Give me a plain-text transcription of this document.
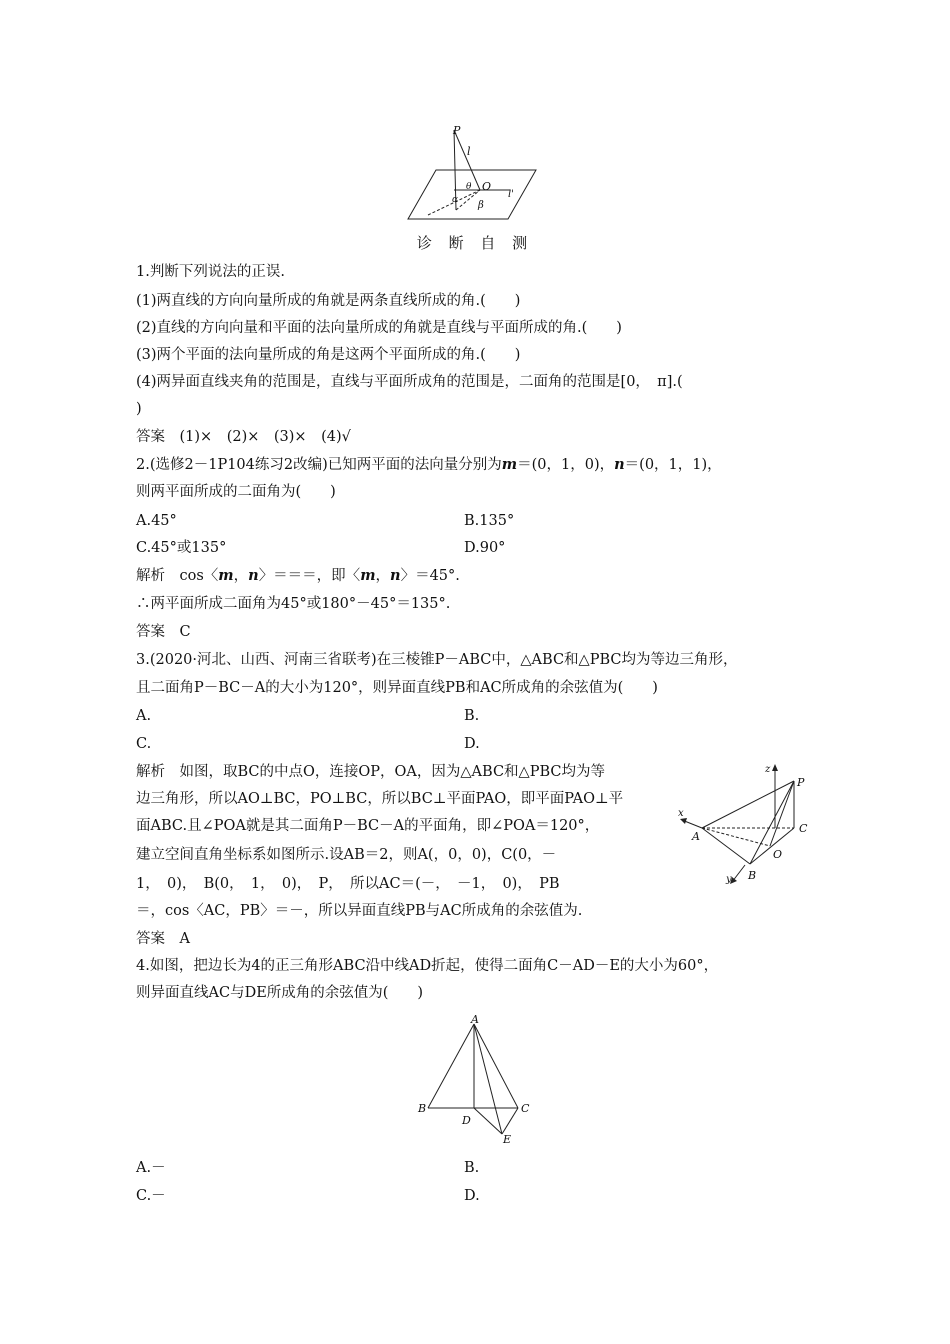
P
l
O
l'
θ
α β
诊 断 自 测
1.判断下列说法的正误.
(1)两直线的方向向量所成的角就是两条直线所成的角.(　　)
(2)直线的方向向量和平面的法向量所成的角就是直线与平面所成的角.(　　)
(3)两个平面的法向量所成的角是这两个平面所成的角.(　　)
(4)两异面直线夹角的范围是，直线与平面所成角的范围是，二面角的范围是[0，　π].(
)
答案　(1)×　(2)×　(3)×　(4)√
2.(选修2－1P104练习2改编)已知两平面的法向量分别为m＝(0，1，0)，n＝(0，1，1)，
则两平面所成的二面角为(　　)
A.45°	B.135°
C.45°或135°	D.90°
解析　cos〈m，n〉＝＝＝，即〈m，n〉＝45°.
∴两平面所成二面角为45°或180°－45°＝135°.
答案　C
3.(2020·河北、山西、河南三省联考)在三棱锥P－ABC中，△ABC和△PBC均为等边三角形，
且二面角P－BC－A的大小为120°，则异面直线PB和AC所成角的余弦值为(　　)
A.	B.
C.	D.
解析　如图，取BC的中点O，连接OP，OA，因为△ABC和△PBC均为等
边三角形，所以AO⊥BC，PO⊥BC，所以BC⊥平面PAO，即平面PAO⊥平
面ABC.且∠POA就是其二面角P－BC－A的平面角，即∠POA＝120°，
建立空间直角坐标系如图所示.设AB＝2，则A(，0，0)，C(0，－
1，　0)，　B(0，　1，　0)，　P，　所以AC＝(－，　－1，　0)，　PB
＝，cos〈AC，PB〉＝－，所以异面直线PB与AC所成角的余弦值为.
答案　A
z
x
y
P
A
B
C
O
4.如图，把边长为4的正三角形ABC沿中线AD折起，使得二面角C－AD－E的大小为60°，
则异面直线AC与DE所成角的余弦值为(　　)
A
B	C
D
E
A.－	B.
C.－	D.
